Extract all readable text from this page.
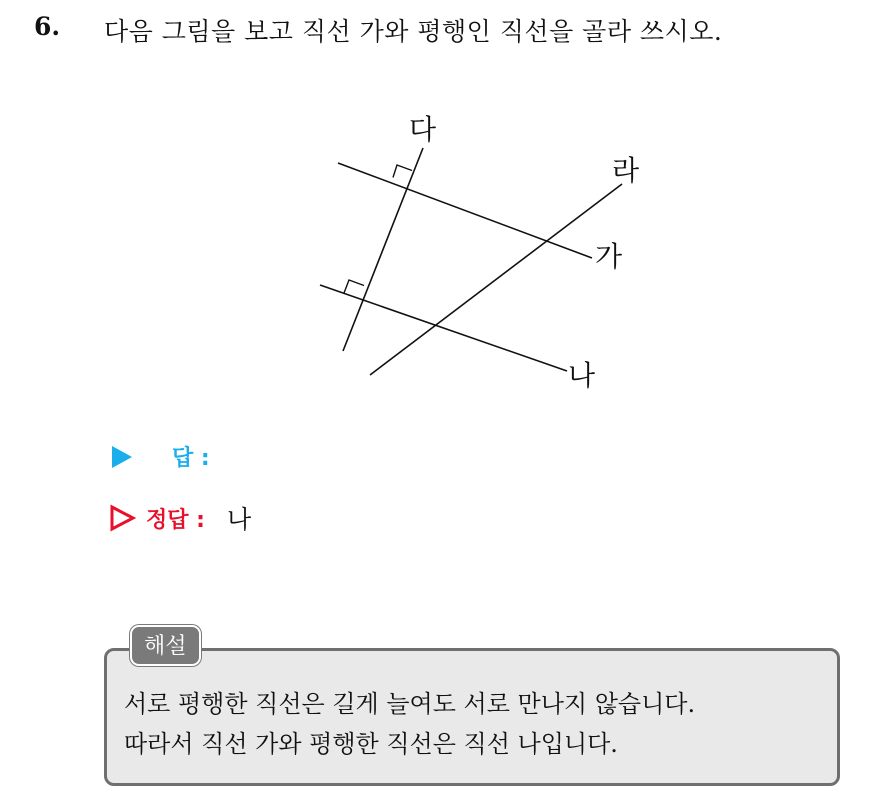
6. 다음 그림을 보고 직선 가와 평행인 직선을 골라 쓰시오.
다
라
가
나
답 :
정답 : 나
해설
서로 평행한 직선은 길게 늘여도 서로 만나지 않습니다.
따라서 직선 가와 평행한 직선은 직선 나입니다.
